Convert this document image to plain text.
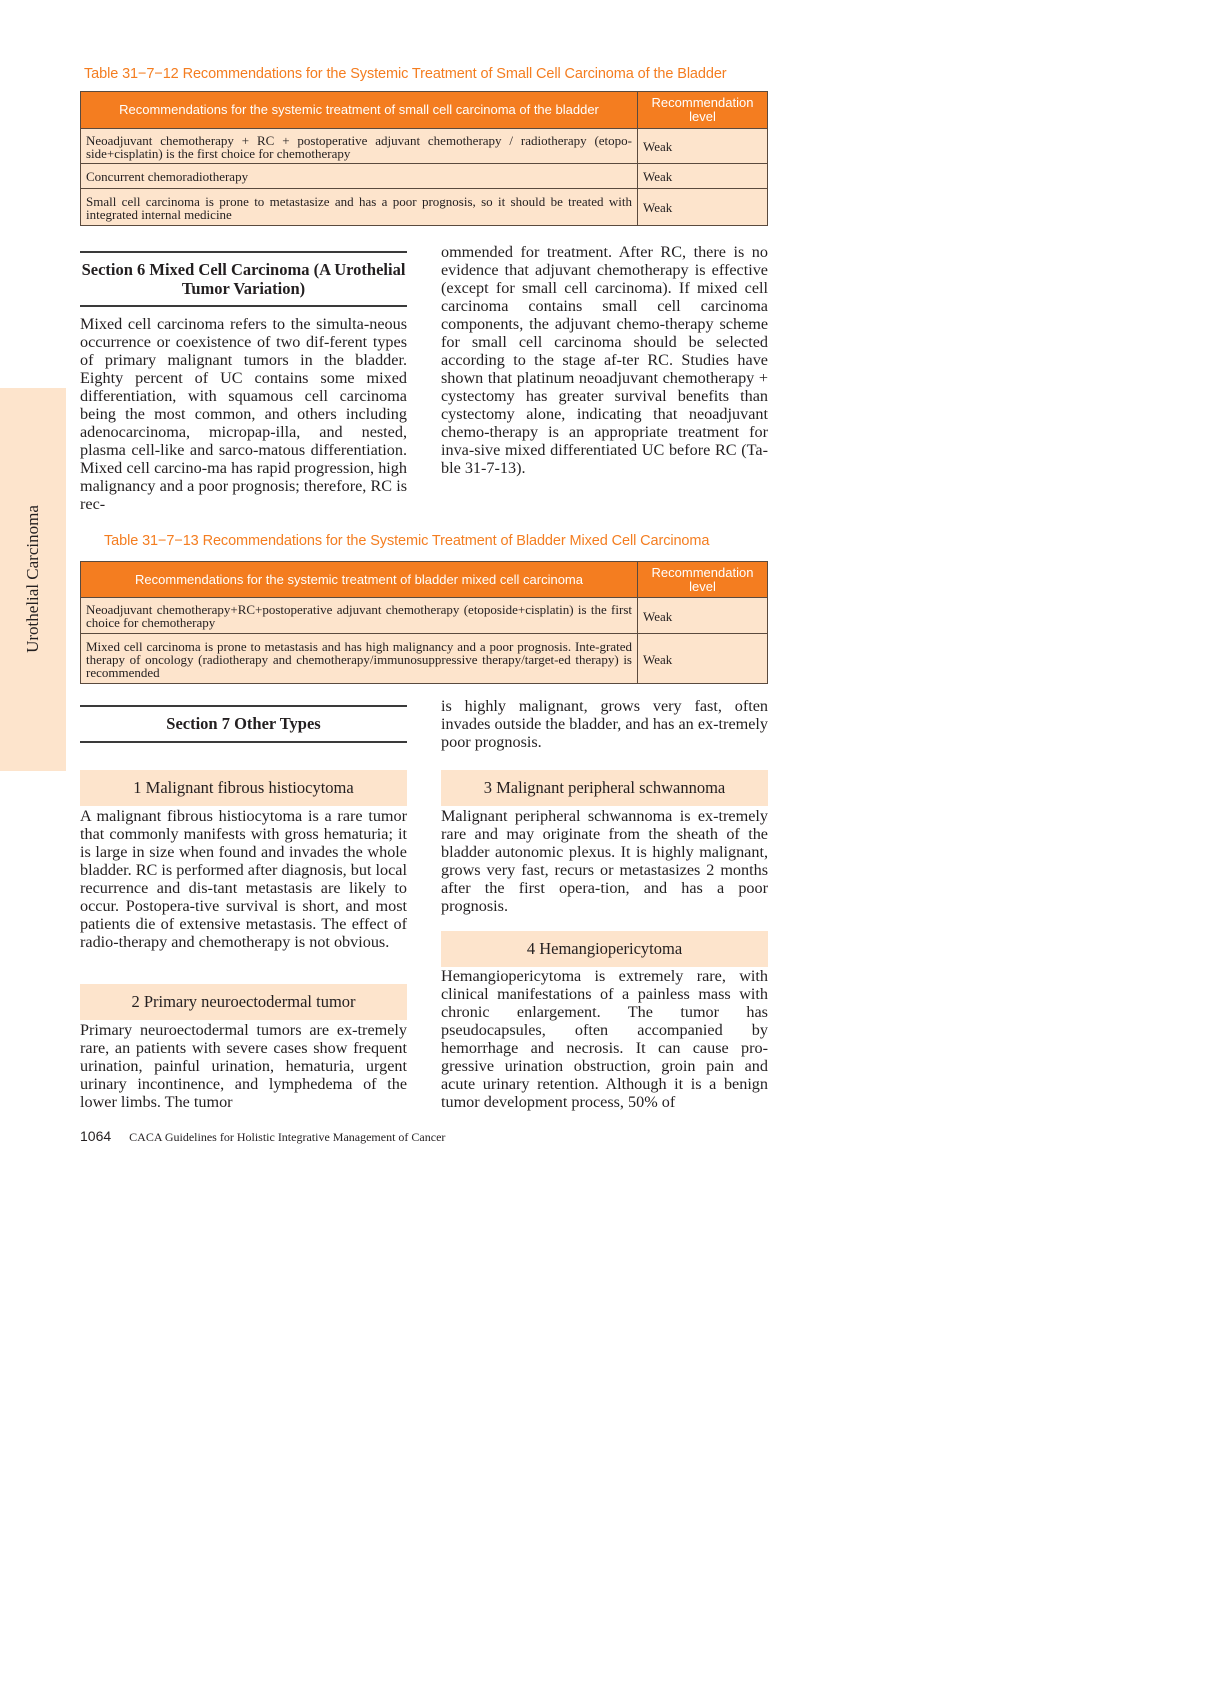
Urothelial Carcinoma
Table 31−7−12 Recommendations for the Systemic Treatment of Small Cell Carcinoma of the Bladder
Recommendations for the systemic treatment of small cell carcinoma of the bladder	Recommendation level
Neoadjuvant chemotherapy + RC + postoperative adjuvant chemotherapy / radiotherapy (etopo-side+cisplatin) is the first choice for chemotherapy	Weak
Concurrent chemoradiotherapy	Weak
Small cell carcinoma is prone to metastasize and has a poor prognosis, so it should be treated with integrated internal medicine	Weak
Section 6 Mixed Cell Carcinoma (A Urothelial Tumor Variation)

Mixed cell carcinoma refers to the simulta-neous occurrence or coexistence of two dif-ferent types of primary malignant tumors in the bladder. Eighty percent of UC contains some mixed differentiation, with squamous cell carcinoma being the most common, and others including adenocarcinoma, micropap-illa, and nested, plasma cell-like and sarco-matous differentiation. Mixed cell carcino-ma has rapid progression, high malignancy and a poor prognosis; therefore, RC is rec-

ommended for treatment. After RC, there is no evidence that adjuvant chemotherapy is effective (except for small cell carcinoma). If mixed cell carcinoma contains small cell carcinoma components, the adjuvant chemo-therapy scheme for small cell carcinoma should be selected according to the stage af-ter RC. Studies have shown that platinum neoadjuvant chemotherapy + cystectomy has greater survival benefits than cystectomy alone, indicating that neoadjuvant chemo-therapy is an appropriate treatment for inva-sive mixed differentiated UC before RC (Ta-ble 31-7-13).

Table 31−7−13 Recommendations for the Systemic Treatment of Bladder Mixed Cell Carcinoma
Recommendations for the systemic treatment of bladder mixed cell carcinoma	Recommendation level
Neoadjuvant chemotherapy+RC+postoperative adjuvant chemotherapy (etoposide+cisplatin) is the first choice for chemotherapy	Weak
Mixed cell carcinoma is prone to metastasis and has high malignancy and a poor prognosis. Inte-grated therapy of oncology (radiotherapy and chemotherapy/immunosuppressive therapy/target-ed therapy) is recommended	Weak
Section 7 Other Types

is highly malignant, grows very fast, often invades outside the bladder, and has an ex-tremely poor prognosis.

1 Malignant fibrous histiocytoma

A malignant fibrous histiocytoma is a rare tumor that commonly manifests with gross hematuria; it is large in size when found and invades the whole bladder. RC is performed after diagnosis, but local recurrence and dis-tant metastasis are likely to occur. Postopera-tive survival is short, and most patients die of extensive metastasis. The effect of radio-therapy and chemotherapy is not obvious.

2 Primary neuroectodermal tumor

Primary neuroectodermal tumors are ex-tremely rare, an patients with severe cases show frequent urination, painful urination, hematuria, urgent urinary incontinence, and lymphedema of the lower limbs. The tumor

3 Malignant peripheral schwannoma

Malignant peripheral schwannoma is ex-tremely rare and may originate from the sheath of the bladder autonomic plexus. It is highly malignant, grows very fast, recurs or metastasizes 2 months after the first opera-tion, and has a poor prognosis.

4 Hemangiopericytoma

Hemangiopericytoma is extremely rare, with clinical manifestations of a painless mass with chronic enlargement. The tumor has pseudocapsules, often accompanied by hemorrhage and necrosis. It can cause pro-gressive urination obstruction, groin pain and acute urinary retention. Although it is a benign tumor development process, 50% of

1064 CACA Guidelines for Holistic Integrative Management of Cancer
